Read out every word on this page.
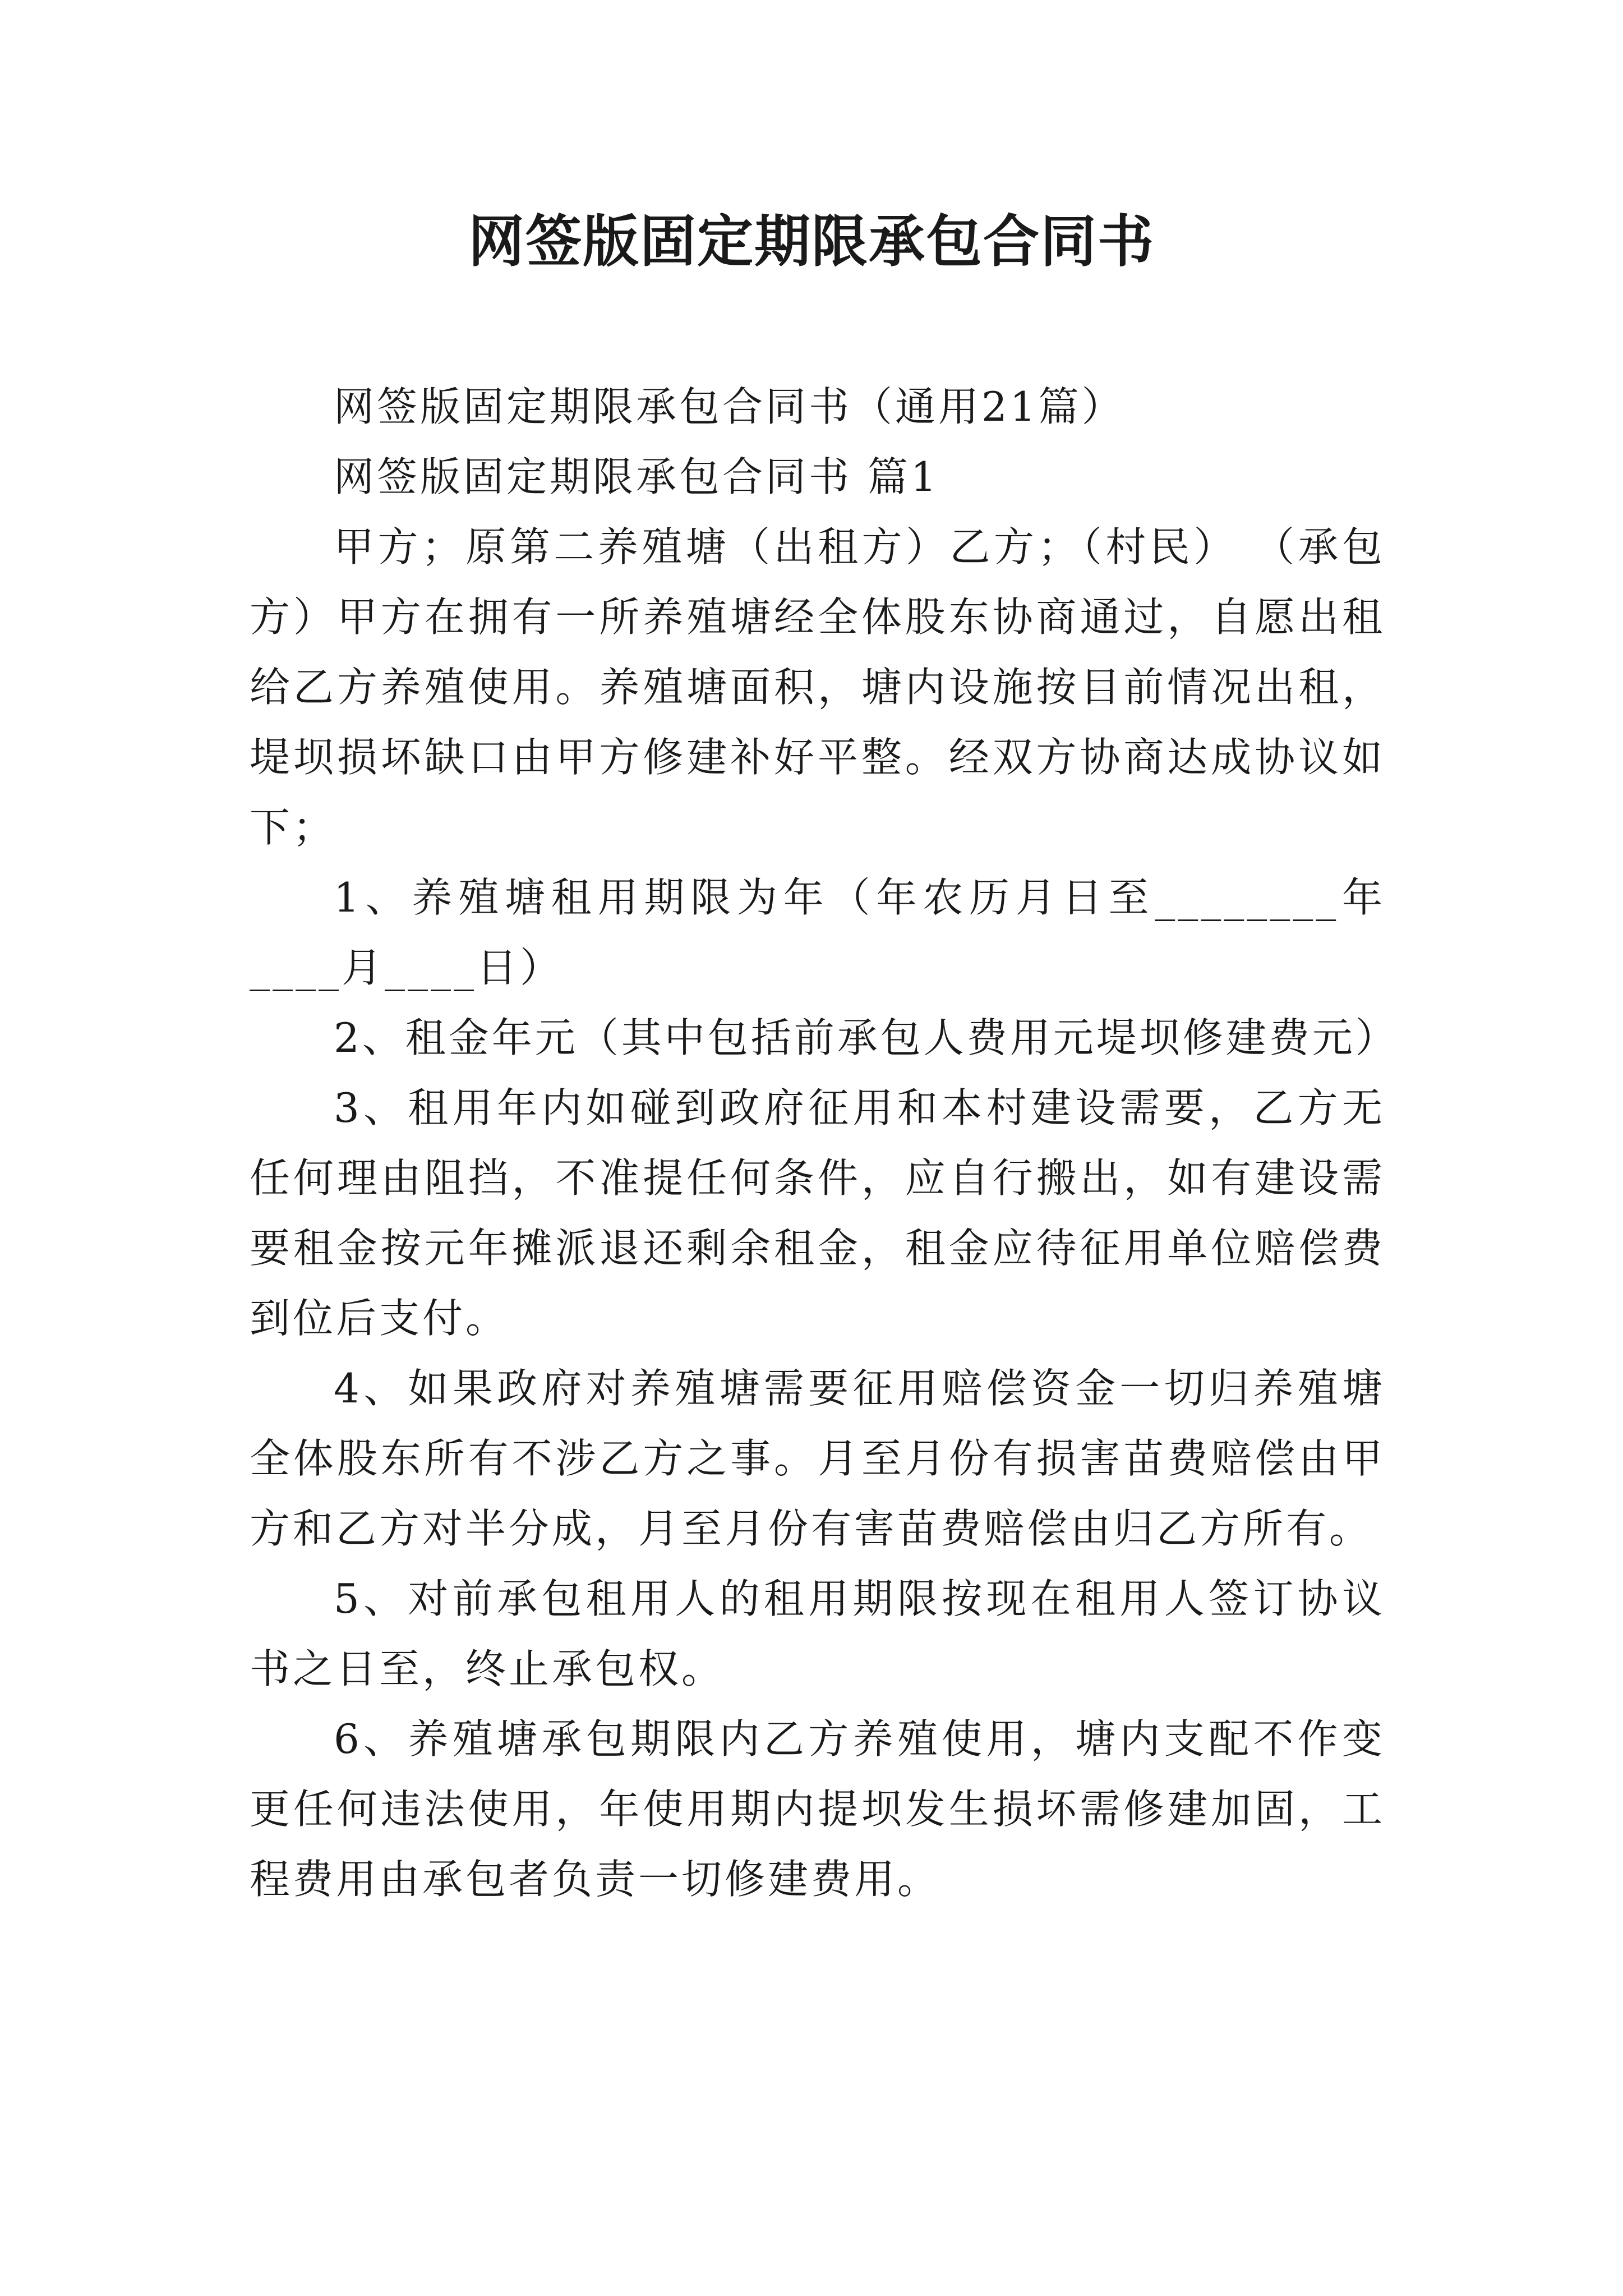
网签版固定期限承包合同书

网签版固定期限承包合同书（通用21篇）

网签版固定期限承包合同书 篇1

甲方；原第二养殖塘（出租方）乙方；（村民） （承包方）甲方在拥有一所养殖塘经全体股东协商通过，自愿出租给乙方养殖使用。养殖塘面积，塘内设施按目前情况出租，堤坝损坏缺口由甲方修建补好平整。经双方协商达成协议如下；

1、养殖塘租用期限为年（年农历月日至________年____月____日）

2、租金年元（其中包括前承包人费用元堤坝修建费元）

3、租用年内如碰到政府征用和本村建设需要，乙方无任何理由阻挡，不准提任何条件，应自行搬出，如有建设需要租金按元年摊派退还剩余租金，租金应待征用单位赔偿费到位后支付。

4、如果政府对养殖塘需要征用赔偿资金一切归养殖塘全体股东所有不涉乙方之事。月至月份有损害苗费赔偿由甲方和乙方对半分成，月至月份有害苗费赔偿由归乙方所有。

5、对前承包租用人的租用期限按现在租用人签订协议书之日至，终止承包权。

6、养殖塘承包期限内乙方养殖使用，塘内支配不作变更任何违法使用，年使用期内提坝发生损坏需修建加固，工程费用由承包者负责一切修建费用。
